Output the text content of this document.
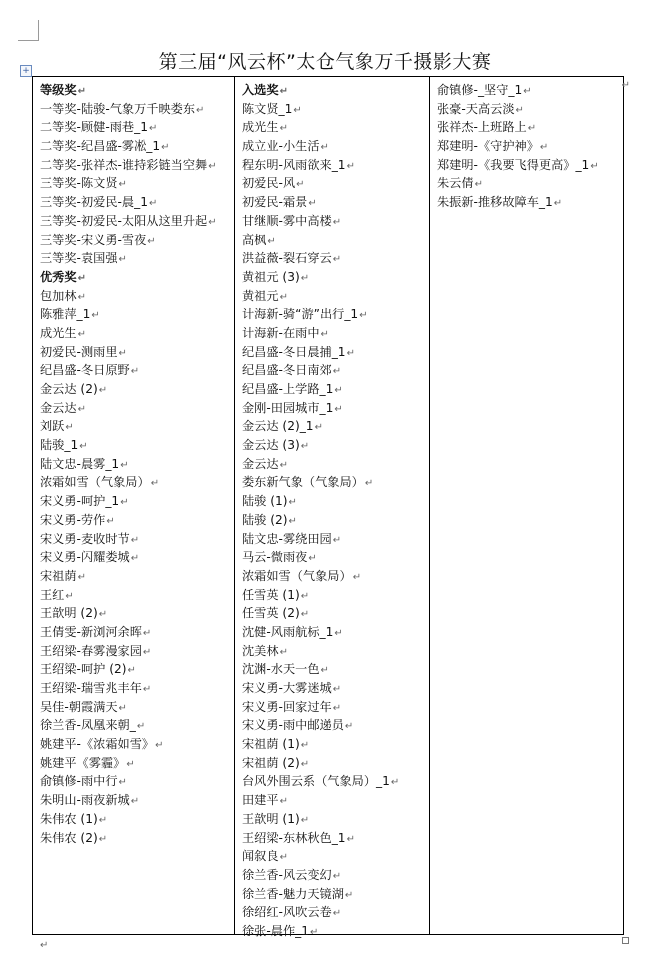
+	第三届“风云杯”太仓气象万千摄影大赛
等级奖↵
一等奖-陆骏-气象万千映娄东↵
二等奖-顾健-雨巷_1↵
二等奖-纪昌盛-雾凇_1↵
二等奖-张祥杰-谁持彩链当空舞↵
三等奖-陈文贤↵
三等奖-初爱民-晨_1↵
三等奖-初爱民-太阳从这里升起↵
三等奖-宋义勇-雪夜↵
三等奖-袁国强↵
优秀奖↵
包加林↵
陈雅萍_1↵
成光生↵
初爱民-测雨里↵
纪昌盛-冬日原野↵
金云达 (2)↵
金云达↵
刘跃↵
陆骏_1↵
陆文忠-晨雾_1↵
浓霜如雪（气象局）↵
宋义勇-呵护_1↵
宋义勇-劳作↵
宋义勇-麦收时节↵
宋义勇-闪耀娄城↵
宋祖荫↵
王红↵
王歆明 (2)↵
王倩雯-新浏河余晖↵
王绍梁-春雾漫家园↵
王绍梁-呵护 (2)↵
王绍梁-瑞雪兆丰年↵
吴佳-朝霞满天↵
徐兰香-凤凰来朝_↵
姚建平-《浓霜如雪》↵
姚建平《雾霾》↵
俞镇修-雨中行↵
朱明山-雨夜新城↵
朱伟农 (1)↵
朱伟农 (2)↵
入选奖↵
陈文贤_1↵
成光生↵
成立业-小生活↵
程东明-风雨欲来_1↵
初爱民-风↵
初爱民-霜景↵
甘继顺-雾中高楼↵
高枫↵
洪益薇-裂石穿云↵
黄祖元 (3)↵
黄祖元↵
计海新-骑“游”出行_1↵
计海新-在雨中↵
纪昌盛-冬日晨捕_1↵
纪昌盛-冬日南郊↵
纪昌盛-上学路_1↵
金刚-田园城市_1↵
金云达 (2)_1↵
金云达 (3)↵
金云达↵
娄东新气象（气象局）↵
陆骏 (1)↵
陆骏 (2)↵
陆文忠-雾绕田园↵
马云-微雨夜↵
浓霜如雪（气象局）↵
任雪英 (1)↵
任雪英 (2)↵
沈健-风雨航标_1↵
沈美林↵
沈渊-水天一色↵
宋义勇-大雾迷城↵
宋义勇-回家过年↵
宋义勇-雨中邮递员↵
宋祖荫 (1)↵
宋祖荫 (2)↵
台风外围云系（气象局）_1↵
田建平↵
王歆明 (1)↵
王绍梁-东林秋色_1↵
闻叙良↵
徐兰香-风云变幻↵
徐兰香-魅力天镜湖↵
徐绍红-风吹云卷↵
徐张-晨作_1↵
俞镇修-_坚守_1↵
张豪-天高云淡↵
张祥杰-上班路上↵
郑建明-《守护神》↵
郑建明-《我要飞得更高》_1↵
朱云倩↵
朱振新-推移故障车_1↵
↵
↵
